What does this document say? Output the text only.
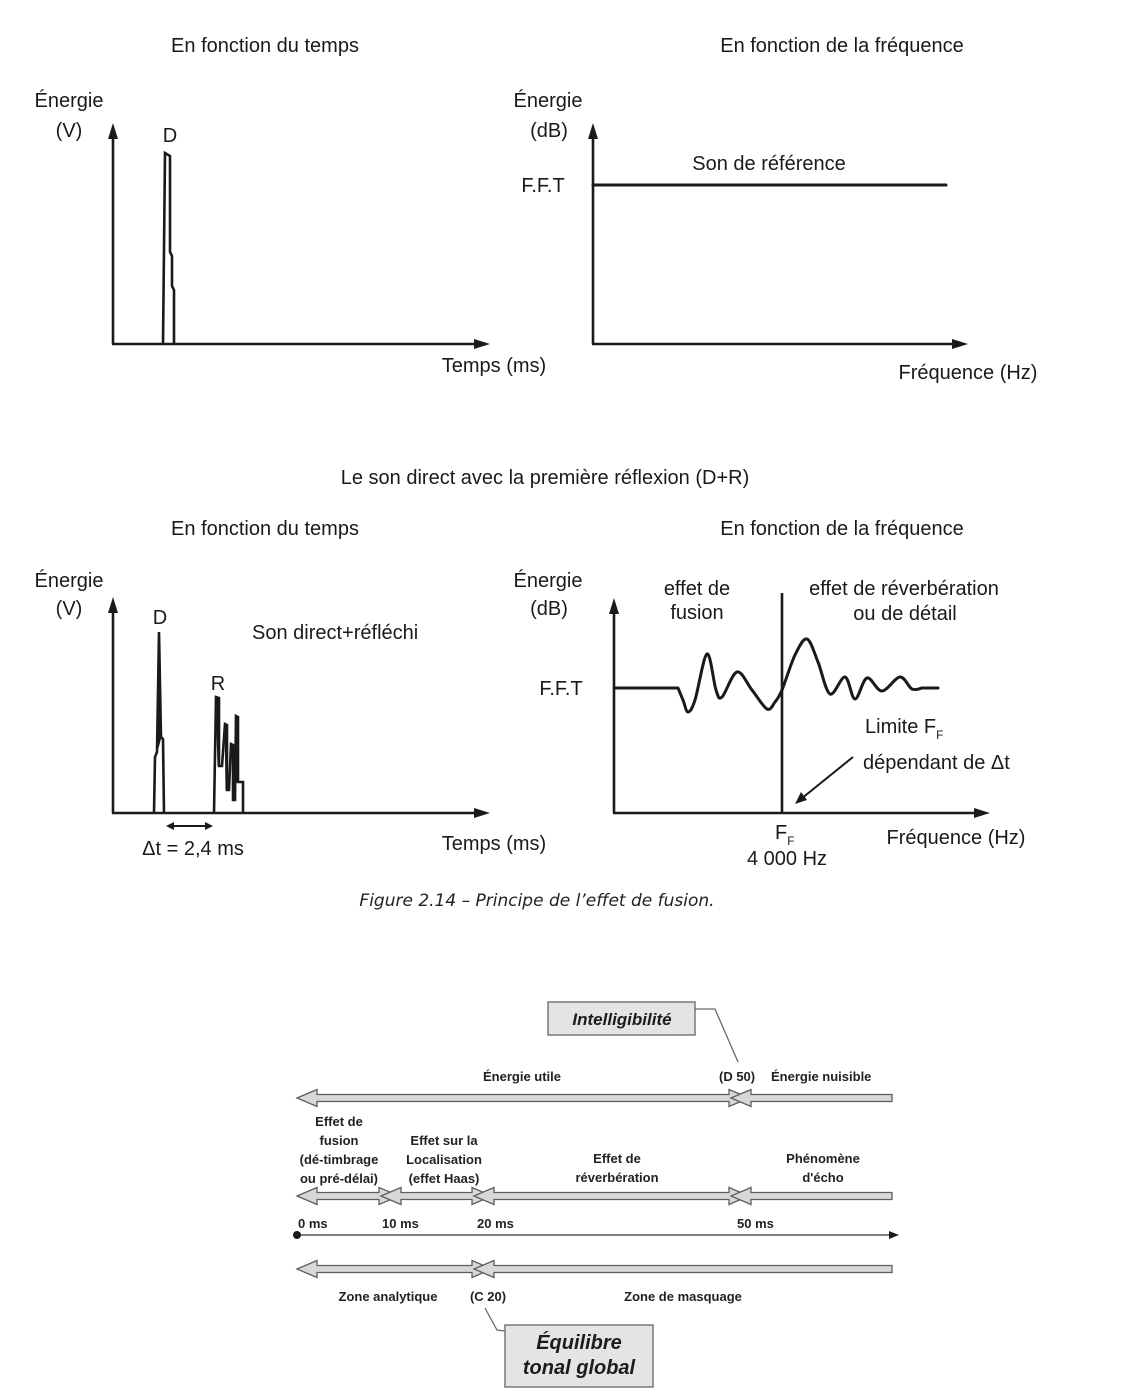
En fonction du temps
Énergie
(V)	D
Temps (ms)
En fonction de la fréquence
Énergie
(dB)
F.F.T
Son de référence
Fréquence (Hz)
Le son direct avec la première réflexion (D+R)
En fonction du temps
Énergie
(V)	D
R
Son direct+réfléchi
Δt = 2,4 ms	Temps (ms)
En fonction de la fréquence
Énergie
(dB)
F.F.T
effet de
fusion
effet de réverbération
ou de détail
Limite $F_F$
dépendant de Δt
$F_F$
4 000 Hz
Fréquence (Hz)
Figure 2.14 – Principe de l’effet de fusion.
Intelligibilité
Énergie utile	(D 50) Énergie nuisible
Effet de
fusion
(dé-timbrage
ou pré-délai)
Effet sur la
Localisation
(effet Haas)
Effet de
réverbération
Phénomène
d'écho
0 ms	10 ms	20 ms	50 ms
Zone analytique (C 20)	Zone de masquage
Équilibre
tonal global
